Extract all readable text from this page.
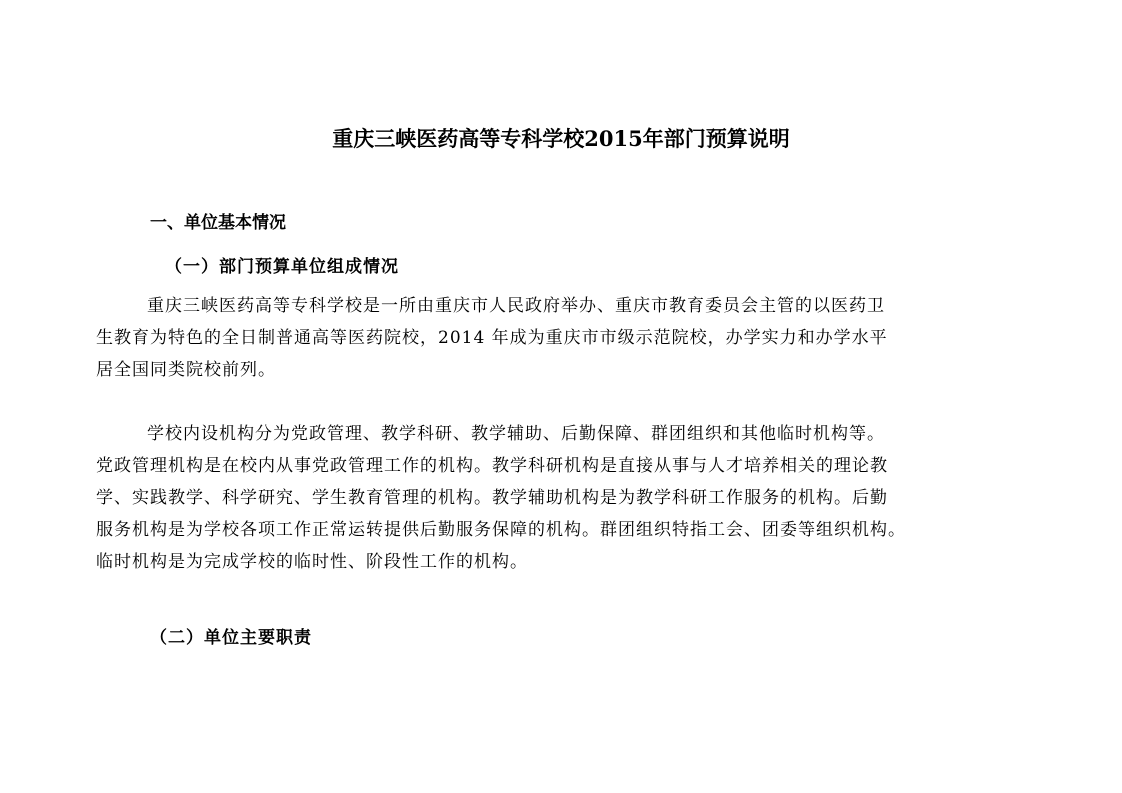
重庆三峡医药高等专科学校2015年部门预算说明
一、单位基本情况
（一）部门预算单位组成情况
重庆三峡医药高等专科学校是一所由重庆市人民政府举办、重庆市教育委员会主管的以医药卫
生教育为特色的全日制普通高等医药院校，2014 年成为重庆市市级示范院校，办学实力和办学水平
居全国同类院校前列。
学校内设机构分为党政管理、教学科研、教学辅助、后勤保障、群团组织和其他临时机构等。
党政管理机构是在校内从事党政管理工作的机构。教学科研机构是直接从事与人才培养相关的理论教
学、实践教学、科学研究、学生教育管理的机构。教学辅助机构是为教学科研工作服务的机构。后勤
服务机构是为学校各项工作正常运转提供后勤服务保障的机构。群团组织特指工会、团委等组织机构。
临时机构是为完成学校的临时性、阶段性工作的机构。
（二）单位主要职责
